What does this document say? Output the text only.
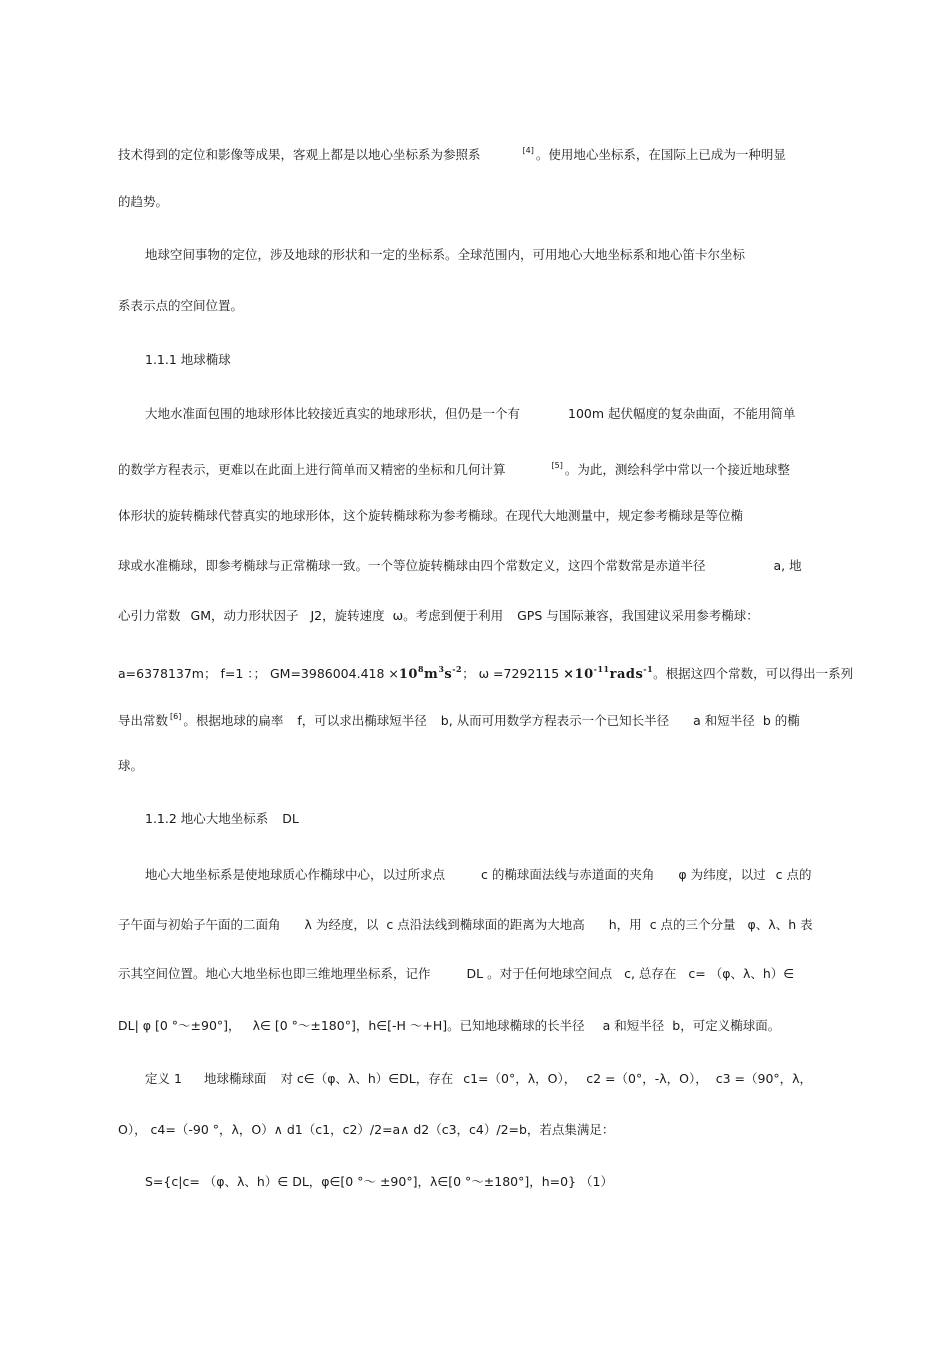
技术得到的定位和影像等成果，客观上都是以地心坐标系为参照系	[4] 。使用地心坐标系，在国际上已成为一种明显
的趋势。
地球空间事物的定位，涉及地球的形状和一定的坐标系。全球范围内，可用地心大地坐标系和地心笛卡尔坐标
系表示点的空间位置。
1.1.1 地球椭球
大地水准面包围的地球形体比较接近真实的地球形状，但仍是一个有	100m 起伏幅度的复杂曲面，不能用简单
的数学方程表示，更难以在此面上进行简单而又精密的坐标和几何计算	[5] 。为此，测绘科学中常以一个接近地球整
体形状的旋转椭球代替真实的地球形体，这个旋转椭球称为参考椭球。在现代大地测量中，规定参考椭球是等位椭
球或水准椭球，即参考椭球与正常椭球一致。一个等位旋转椭球由四个常数定义，这四个常数常是赤道半径	a, 地
心引力常数 GM，动力形状因子 J2，旋转速度 ω。考虑到便于利用 GPS 与国际兼容，我国建议采用参考椭球：
a=6378137m； f=1 ：； $GM=3986004.418 \times 10^8m^3s^{-2}$； $\omega =7292115 \times 10^{-11}rads^{-1}$。根据这四个常数，可以得出一系列
导出常数 [6] 。根据地球的扁率 f，可以求出椭球短半径 b, 从而可用数学方程表示一个已知长半径 a 和短半径 b 的椭
球。
1.1.2 地心大地坐标系 DL
地心大地坐标系是使地球质心作椭球中心，以过所求点	c 的椭球面法线与赤道面的夹角 φ 为纬度，以过 c 点的
子午面与初始子午面的二面角 λ 为经度，以 c 点沿法线到椭球面的距离为大地高 h，用 c 点的三个分量 φ、λ、h 表
示其空间位置。地心大地坐标也即三维地理坐标系，记作	DL 。对于任何地球空间点 c, 总存在 c= （φ、λ、h）∈
DL| φ [0 °～±90°]， λ∈ [0 °～±180°]，h∈[-H ～+H]。已知地球椭球的长半径 a 和短半径 b，可定义椭球面。
定义 1 地球椭球面 对 c∈（φ、λ、h）∈DL，存在 c1=（0°，λ，O）， c2 =（0°，-λ，O）， c3 =（90°，λ，
O）， c4=（-90 °，λ，O）∧ d1（c1，c2）/2=a∧ d2（c3，c4）/2=b，若点集满足：
S={c|c= （φ、λ、h）∈ DL，φ∈[0 °～ ±90°]，λ∈[0 °～±180°]，h=0} （1）
